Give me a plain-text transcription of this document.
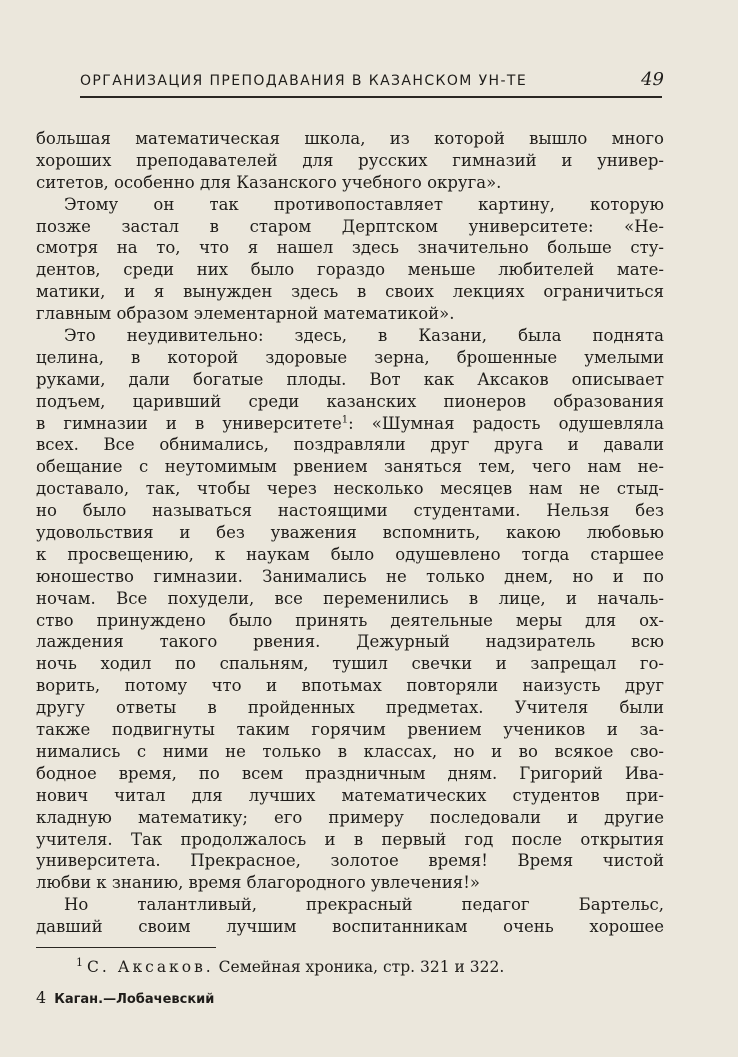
ОРГАНИЗАЦИЯ ПРЕПОДАВАНИЯ В КАЗАНСКОМ УН-ТЕ	49
большая математическая школа, из которой вышло много
хороших преподавателей для русских гимназий и универ-
ситетов, особенно для Казанского учебного округа».
Этому он так противопоставляет картину, которую
позже застал в старом Дерптском университете: «Не-
смотря на то, что я нашел здесь значительно больше сту-
дентов, среди них было гораздо меньше любителей мате-
матики, и я вынужден здесь в своих лекциях ограничиться
главным образом элементарной математикой».
Это неудивительно: здесь, в Казани, была поднята
целина, в которой здоровые зерна, брошенные умелыми
руками, дали богатые плоды. Вот как Аксаков описывает
подъем, царивший среди казанских пионеров образования
в гимназии и в университете$^1$: «Шумная радость одушевляла
всех. Все обнимались, поздравляли друг друга и давали
обещание с неутомимым рвением заняться тем, чего нам не-
доставало, так, чтобы через несколько месяцев нам не стыд-
но было называться настоящими студентами. Нельзя без
удовольствия и без уважения вспомнить, какою любовью
к просвещению, к наукам было одушевлено тогда старшее
юношество гимназии. Занимались не только днем, но и по
ночам. Все похудели, все переменились в лице, и началь-
ство принуждено было принять деятельные меры для ох-
лаждения такого рвения. Дежурный надзиратель всю
ночь ходил по спальням, тушил свечки и запрещал го-
ворить, потому что и впотьмах повторяли наизусть друг
другу ответы в пройденных предметах. Учителя были
также подвигнуты таким горячим рвением учеников и за-
нимались с ними не только в классах, но и во всякое сво-
бодное время, по всем праздничным дням. Григорий Ива-
нович читал для лучших математических студентов при-
кладную математику; его примеру последовали и другие
учителя. Так продолжалось и в первый год после открытия
университета. Прекрасное, золотое время! Время чистой
любви к знанию, время благородного увлечения!»
Но талантливый, прекрасный педагог Бартельс,
давший своим лучшим воспитанникам очень хорошее
$^1$ С. Аксаков. Семейная хроника, стр. 321 и 322.
4 Каган.—Лобачевский
